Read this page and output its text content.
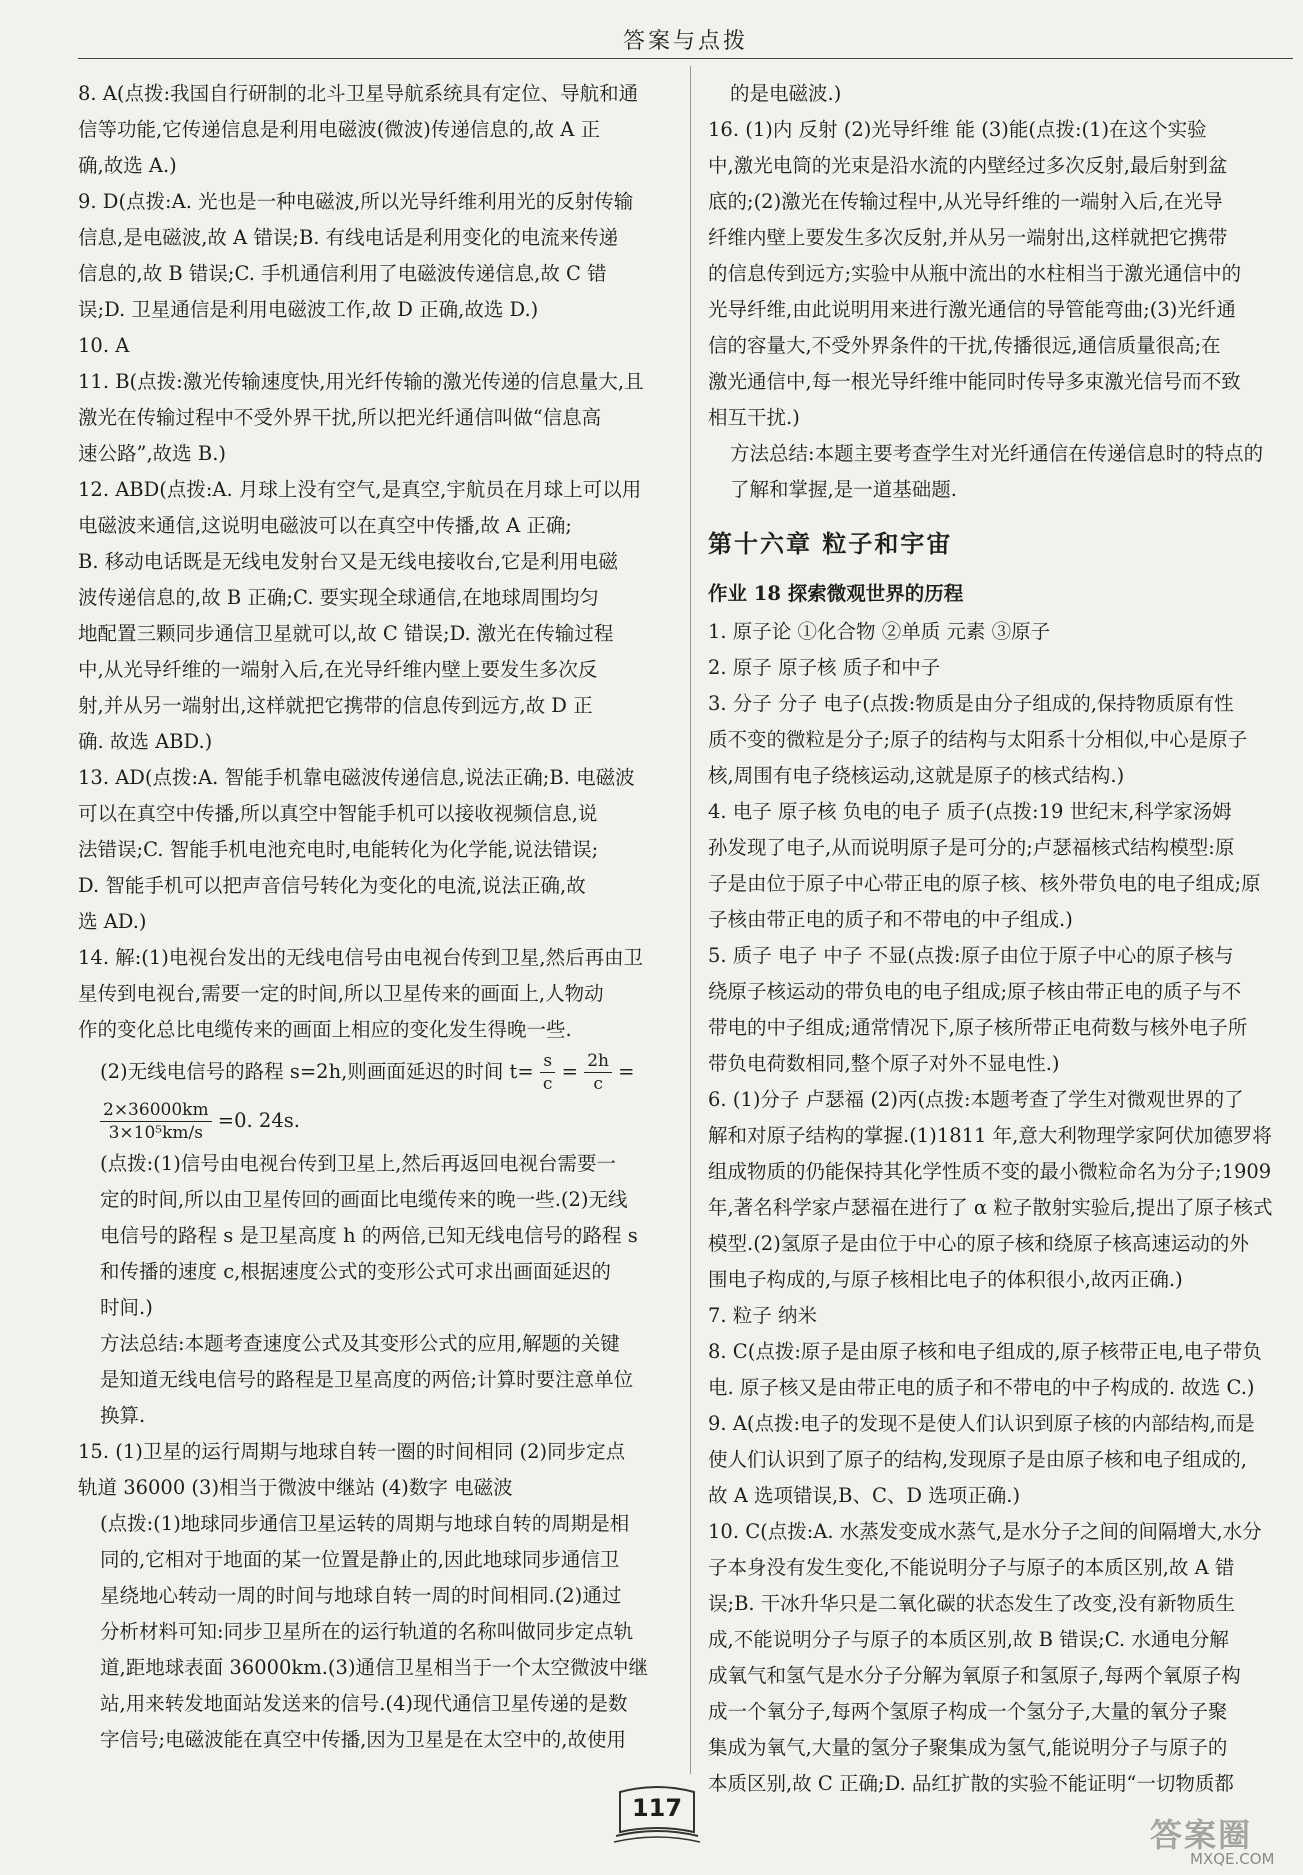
答案与点拨

8. A(点拨:我国自行研制的北斗卫星导航系统具有定位、导航和通
信等功能,它传递信息是利用电磁波(微波)传递信息的,故 A 正
确,故选 A.)

9. D(点拨:A. 光也是一种电磁波,所以光导纤维利用光的反射传输
信息,是电磁波,故 A 错误;B. 有线电话是利用变化的电流来传递
信息的,故 B 错误;C. 手机通信利用了电磁波传递信息,故 C 错
误;D. 卫星通信是利用电磁波工作,故 D 正确,故选 D.)

10. A

11. B(点拨:激光传输速度快,用光纤传输的激光传递的信息量大,且
激光在传输过程中不受外界干扰,所以把光纤通信叫做“信息高
速公路”,故选 B.)

12. ABD(点拨:A. 月球上没有空气,是真空,宇航员在月球上可以用
电磁波来通信,这说明电磁波可以在真空中传播,故 A 正确;
B. 移动电话既是无线电发射台又是无线电接收台,它是利用电磁
波传递信息的,故 B 正确;C. 要实现全球通信,在地球周围均匀
地配置三颗同步通信卫星就可以,故 C 错误;D. 激光在传输过程
中,从光导纤维的一端射入后,在光导纤维内壁上要发生多次反
射,并从另一端射出,这样就把它携带的信息传到远方,故 D 正
确. 故选 ABD.)

13. AD(点拨:A. 智能手机靠电磁波传递信息,说法正确;B. 电磁波
可以在真空中传播,所以真空中智能手机可以接收视频信息,说
法错误;C. 智能手机电池充电时,电能转化为化学能,说法错误;
D. 智能手机可以把声音信号转化为变化的电流,说法正确,故
选 AD.)

14. 解:(1)电视台发出的无线电信号由电视台传到卫星,然后再由卫
星传到电视台,需要一定的时间,所以卫星传来的画面上,人物动
作的变化总比电缆传来的画面上相应的变化发生得晚一些.

(2)无线电信号的路程 s=2h,则画面延迟的时间 $t= \frac{s}{c} = \frac{2h}{c}$ =
$\frac{2\times 36000km}{\text{3×10⁵km/s}} =0$. 24s.

(点拨:(1)信号由电视台传到卫星上,然后再返回电视台需要一
定的时间,所以由卫星传回的画面比电缆传来的晚一些.(2)无线
电信号的路程 s 是卫星高度 h 的两倍,已知无线电信号的路程 s
和传播的速度 c,根据速度公式的变形公式可求出画面延迟的
时间.)

方法总结:本题考查速度公式及其变形公式的应用,解题的关键
是知道无线电信号的路程是卫星高度的两倍;计算时要注意单位
换算.

15. (1)卫星的运行周期与地球自转一圈的时间相同 (2)同步定点
轨道 36000 (3)相当于微波中继站 (4)数字 电磁波

(点拨:(1)地球同步通信卫星运转的周期与地球自转的周期是相
同的,它相对于地面的某一位置是静止的,因此地球同步通信卫
星绕地心转动一周的时间与地球自转一周的时间相同.(2)通过
分析材料可知:同步卫星所在的运行轨道的名称叫做同步定点轨
道,距地球表面 36000km.(3)通信卫星相当于一个太空微波中继
站,用来转发地面站发送来的信号.(4)现代通信卫星传递的是数
字信号;电磁波能在真空中传播,因为卫星是在太空中的,故使用

的是电磁波.)

16. (1)内 反射 (2)光导纤维 能 (3)能(点拨:(1)在这个实验
中,激光电筒的光束是沿水流的内壁经过多次反射,最后射到盆
底的;(2)激光在传输过程中,从光导纤维的一端射入后,在光导
纤维内壁上要发生多次反射,并从另一端射出,这样就把它携带
的信息传到远方;实验中从瓶中流出的水柱相当于激光通信中的
光导纤维,由此说明用来进行激光通信的导管能弯曲;(3)光纤通
信的容量大,不受外界条件的干扰,传播很远,通信质量很高;在
激光通信中,每一根光导纤维中能同时传导多束激光信号而不致
相互干扰.)

方法总结:本题主要考查学生对光纤通信在传递信息时的特点的
了解和掌握,是一道基础题.

第十六章 粒子和宇宙
作业 18 探索微观世界的历程

1. 原子论 ①化合物 ②单质 元素 ③原子

2. 原子 原子核 质子和中子

3. 分子 分子 电子(点拨:物质是由分子组成的,保持物质原有性
质不变的微粒是分子;原子的结构与太阳系十分相似,中心是原子
核,周围有电子绕核运动,这就是原子的核式结构.)

4. 电子 原子核 负电的电子 质子(点拨:19 世纪末,科学家汤姆
孙发现了电子,从而说明原子是可分的;卢瑟福核式结构模型:原
子是由位于原子中心带正电的原子核、核外带负电的电子组成;原
子核由带正电的质子和不带电的中子组成.)

5. 质子 电子 中子 不显(点拨:原子由位于原子中心的原子核与
绕原子核运动的带负电的电子组成;原子核由带正电的质子与不
带电的中子组成;通常情况下,原子核所带正电荷数与核外电子所
带负电荷数相同,整个原子对外不显电性.)

6. (1)分子 卢瑟福 (2)丙(点拨:本题考查了学生对微观世界的了
解和对原子结构的掌握.(1)1811 年,意大利物理学家阿伏加德罗将
组成物质的仍能保持其化学性质不变的最小微粒命名为分子;1909
年,著名科学家卢瑟福在进行了 α 粒子散射实验后,提出了原子核式
模型.(2)氢原子是由位于中心的原子核和绕原子核高速运动的外
围电子构成的,与原子核相比电子的体积很小,故丙正确.)

7. 粒子 纳米

8. C(点拨:原子是由原子核和电子组成的,原子核带正电,电子带负
电. 原子核又是由带正电的质子和不带电的中子构成的. 故选 C.)

9. A(点拨:电子的发现不是使人们认识到原子核的内部结构,而是
使人们认识到了原子的结构,发现原子是由原子核和电子组成的,
故 A 选项错误,B、C、D 选项正确.)

10. C(点拨:A. 水蒸发变成水蒸气,是水分子之间的间隔增大,水分
子本身没有发生变化,不能说明分子与原子的本质区别,故 A 错
误;B. 干冰升华只是二氧化碳的状态发生了改变,没有新物质生
成,不能说明分子与原子的本质区别,故 B 错误;C. 水通电分解
成氧气和氢气是水分子分解为氧原子和氢原子,每两个氧原子构
成一个氧分子,每两个氢原子构成一个氢分子,大量的氧分子聚
集成为氧气,大量的氢分子聚集成为氢气,能说明分子与原子的
本质区别,故 C 正确;D. 品红扩散的实验不能证明“一切物质都

117
答案圈
MXQE.COM
